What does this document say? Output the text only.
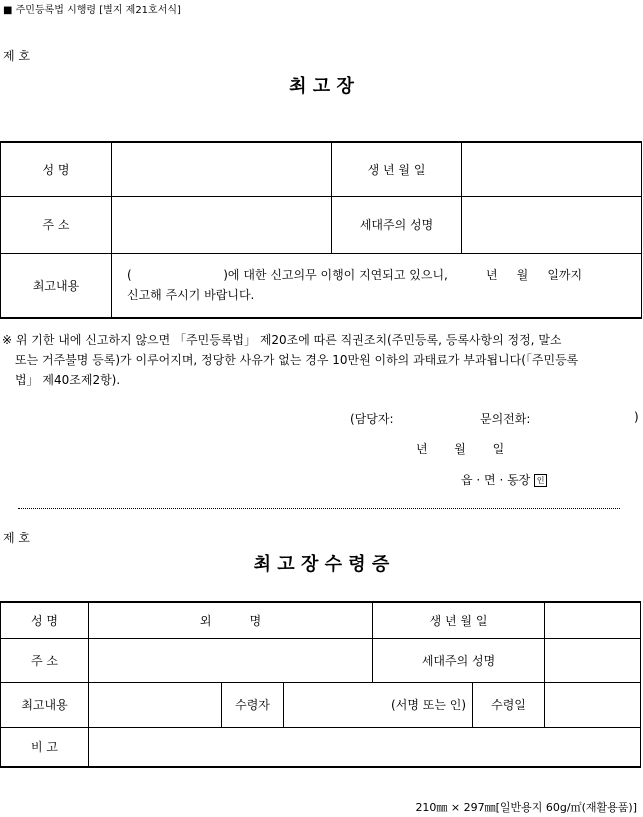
■ 주민등록법 시행령 [별지 제21호서식]
제 호
최 고 장
성 명		생 년 월 일	
주 소		세대주의 성명	
최고내용	(                        )에 대한 신고의무 이행이 지연되고 있으니,          년     월     일까지
신고해 주시기 바랍니다.		
※ 위 기한 내에 신고하지 않으면 「주민등록법」 제20조에 따른 직권조치(주민등록, 등록사항의 정정, 말소
또는 거주불명 등록)가 이루어지며, 정당한 사유가 없는 경우 10만원 이하의 과태료가 부과됩니다(「주민등록
법」 제40조제2항).
(담당자:	문의전화:	)
년       월       일
읍 · 면 · 동장 인
제 호
최 고 장 수 령 증
성 명	외          명			생 년 월 일		
주 소				세대주의 성명		
최고내용		수령자	(서명 또는 인)		수령일	
비 고						
210㎜ × 297㎜[일반용지 60g/㎡(재활용품)]
